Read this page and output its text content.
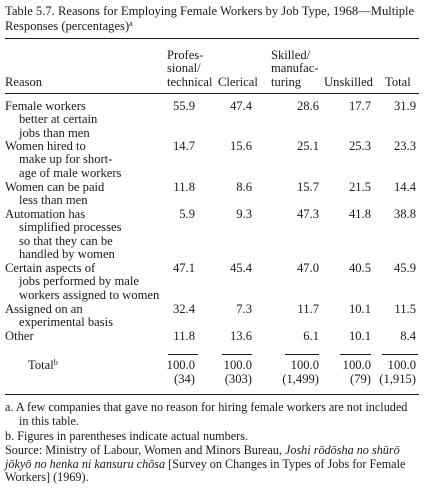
Table 5.7. Reasons for Employing Female Workers by Job Type, 1968—Multiple
Responses (percentages)$^a$
Reason
Profes-
sional/
technical Clerical
Skilled/
manufac-
turing	Unskilled Total
Female workers
better at certain
jobs than men
55.9	47.4	28.6 17.7 31.9
Women hired to
make up for short-
age of male workers
14.7	15.6	25.1 25.3 23.3
Women can be paid
less than men
11.8	8.6	15.7 21.5 14.4
Automation has
simplified processes
so that they can be
handled by women
5.9	9.3	47.3 41.8 38.8
Certain aspects of
jobs performed by male
workers assigned to women
47.1	45.4	47.0 40.5 45.9
Assigned on an
experimental basis
32.4	7.3	11.7 10.1 11.5
Other	11.8	13.6	6.1 10.1 8.4
Total$^b$	100.0 100.0	100.0 100.0 100.0
(34) (303) (1,499) (79) (1,915)
a. A few companies that gave no reason for hiring female workers are not included
in this table.
b. Figures in parentheses indicate actual numbers.
Source: Ministry of Labour, Women and Minors Bureau, Joshi rōdōsha no shūrō
jōkyō no henka ni kansuru chōsa [Survey on Changes in Types of Jobs for Female
Workers] (1969).
